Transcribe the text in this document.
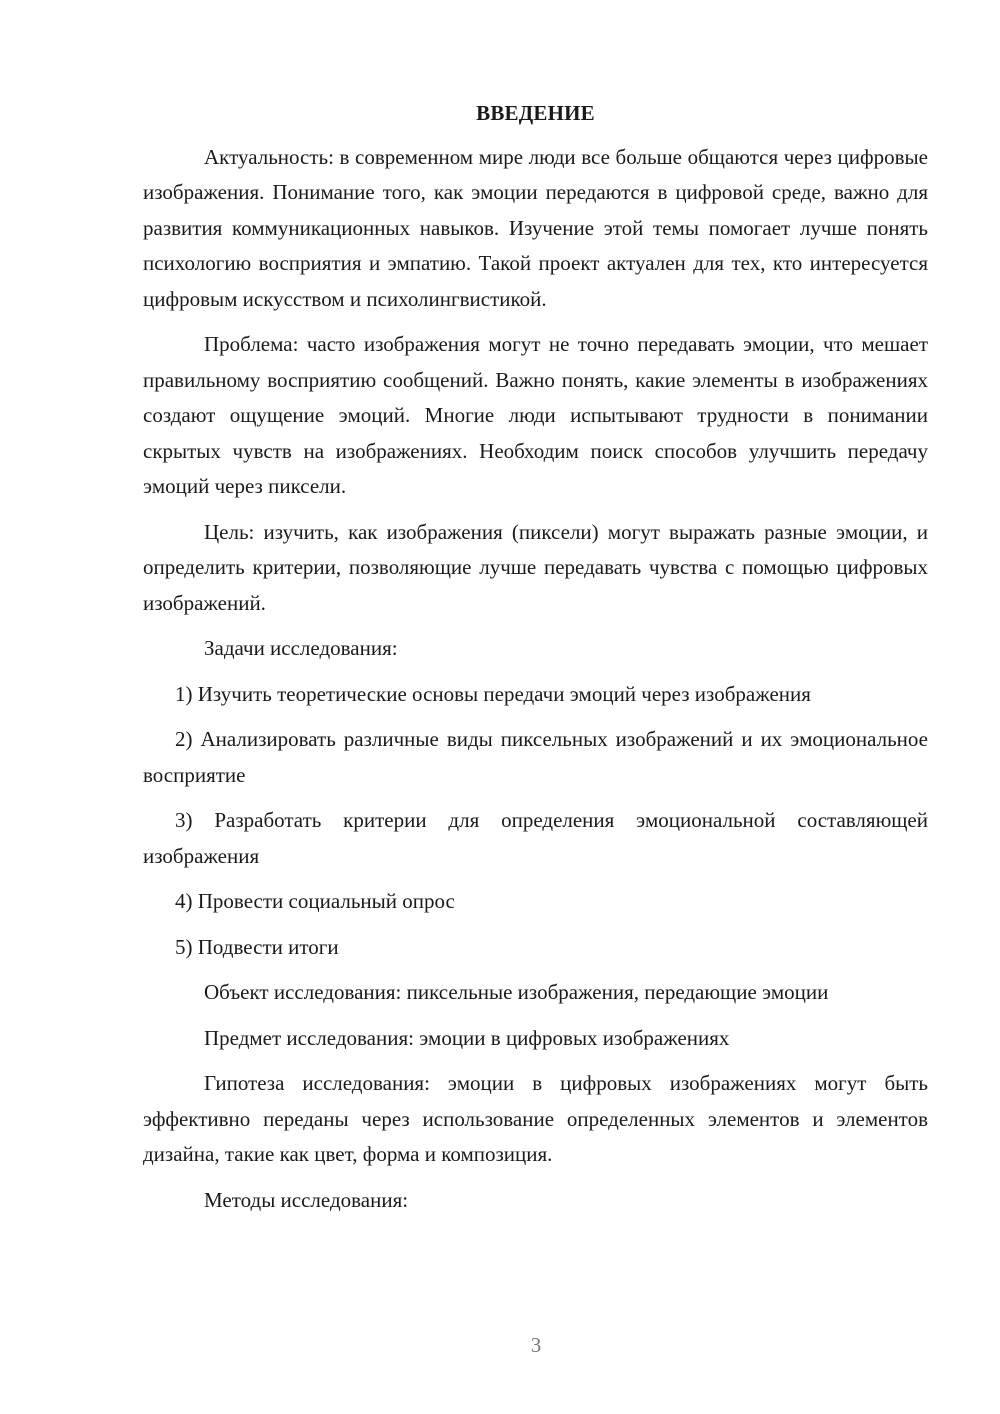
ВВЕДЕНИЕ

Актуальность: в современном мире люди все больше общаются через цифровые изображения. Понимание того, как эмоции передаются в цифровой среде, важно для развития коммуникационных навыков. Изучение этой темы помогает лучше понять психологию восприятия и эмпатию. Такой проект актуален для тех, кто интересуется цифровым искусством и психолингвистикой.

Проблема: часто изображения могут не точно передавать эмоции, что мешает правильному восприятию сообщений. Важно понять, какие элементы в изображениях создают ощущение эмоций. Многие люди испытывают трудности в понимании скрытых чувств на изображениях. Необходим поиск способов улучшить передачу эмоций через пиксели.

Цель: изучить, как изображения (пиксели) могут выражать разные эмоции, и определить критерии, позволяющие лучше передавать чувства с помощью цифровых изображений.

Задачи исследования:

1) Изучить теоретические основы передачи эмоций через изображения

2) Анализировать различные виды пиксельных изображений и их эмоциональное восприятие

3) Разработать критерии для определения эмоциональной составляющей изображения

4) Провести социальный опрос

5) Подвести итоги

Объект исследования: пиксельные изображения, передающие эмоции

Предмет исследования: эмоции в цифровых изображениях

Гипотеза исследования: эмоции в цифровых изображениях могут быть эффективно переданы через использование определенных элементов и элементов дизайна, такие как цвет, форма и композиция.

Методы исследования:

3
